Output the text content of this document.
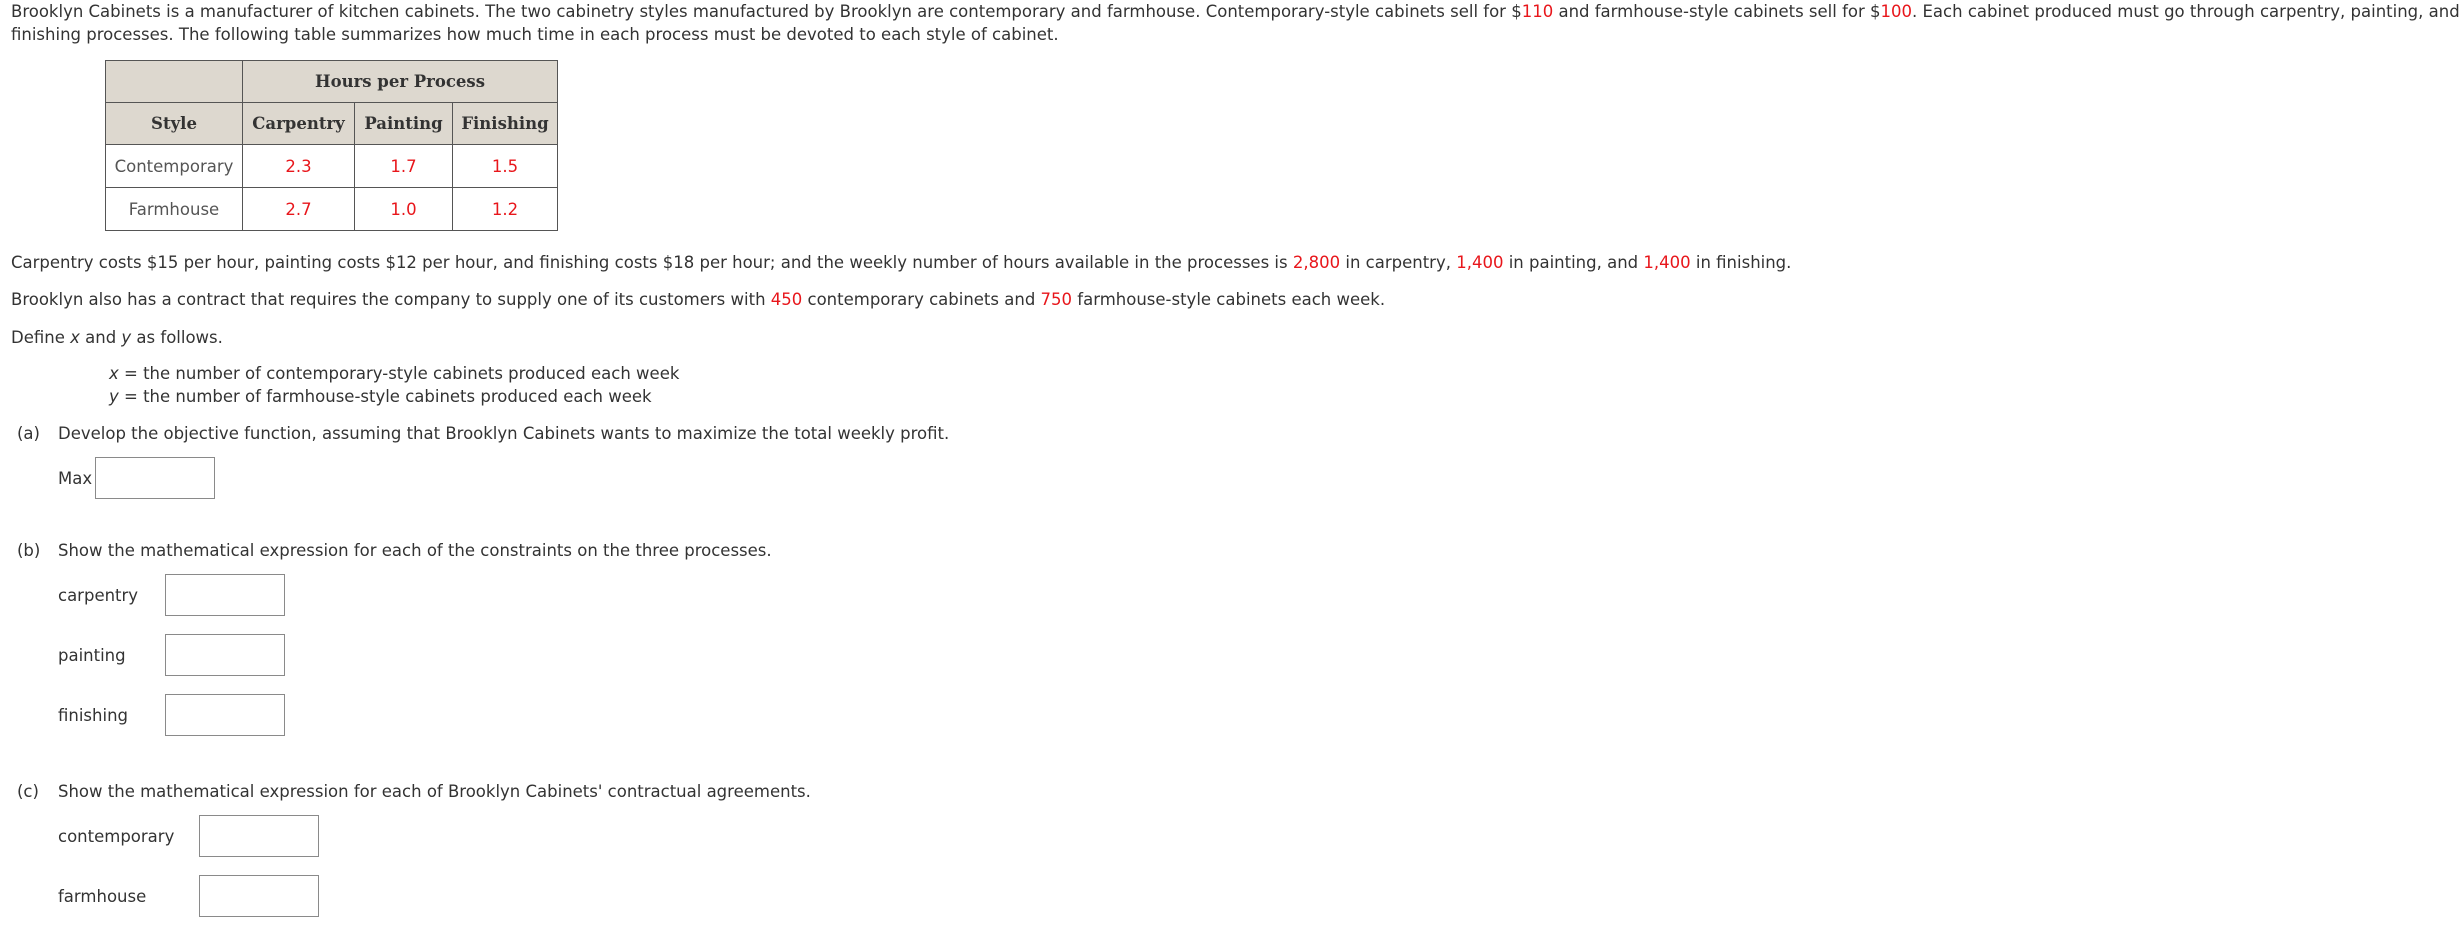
Brooklyn Cabinets is a manufacturer of kitchen cabinets. The two cabinetry styles manufactured by Brooklyn are contemporary and farmhouse. Contemporary-style cabinets sell for $110 and farmhouse-style cabinets sell for $100. Each cabinet produced must go through carpentry, painting, and
finishing processes. The following table summarizes how much time in each process must be devoted to each style of cabinet.

	Hours per Process		
Style	Carpentry	Painting	Finishing
Contemporary	2.3	1.7	1.5
Farmhouse	2.7	1.0	1.2

Carpentry costs $15 per hour, painting costs $12 per hour, and finishing costs $18 per hour; and the weekly number of hours available in the processes is 2,800 in carpentry, 1,400 in painting, and 1,400 in finishing.

Brooklyn also has a contract that requires the company to supply one of its customers with 450 contemporary cabinets and 750 farmhouse-style cabinets each week.

Define x and y as follows.

x = the number of contemporary-style cabinets produced each week
y = the number of farmhouse-style cabinets produced each week
(a) Develop the objective function, assuming that Brooklyn Cabinets wants to maximize the total weekly profit.
Max
(b) Show the mathematical expression for each of the constraints on the three processes.
carpentry
painting
finishing
(c) Show the mathematical expression for each of Brooklyn Cabinets' contractual agreements.
contemporary
farmhouse
